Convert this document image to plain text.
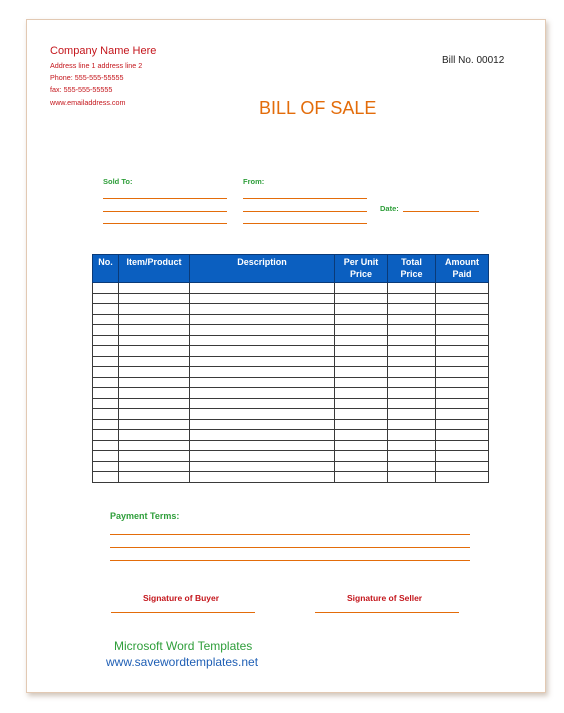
Company Name Here
Address line 1 address line 2
Phone: 555-555-55555
fax: 555-555-55555
www.emailaddress.com
Bill No. 00012
BILL OF SALE
Sold To:	From:
Date:
No.	Item/Product	Description	Per Unit Price	Total Price	Amount Paid

Payment Terms:
Signature of Buyer	Signature of Seller
Microsoft Word Templates
www.savewordtemplates.net
